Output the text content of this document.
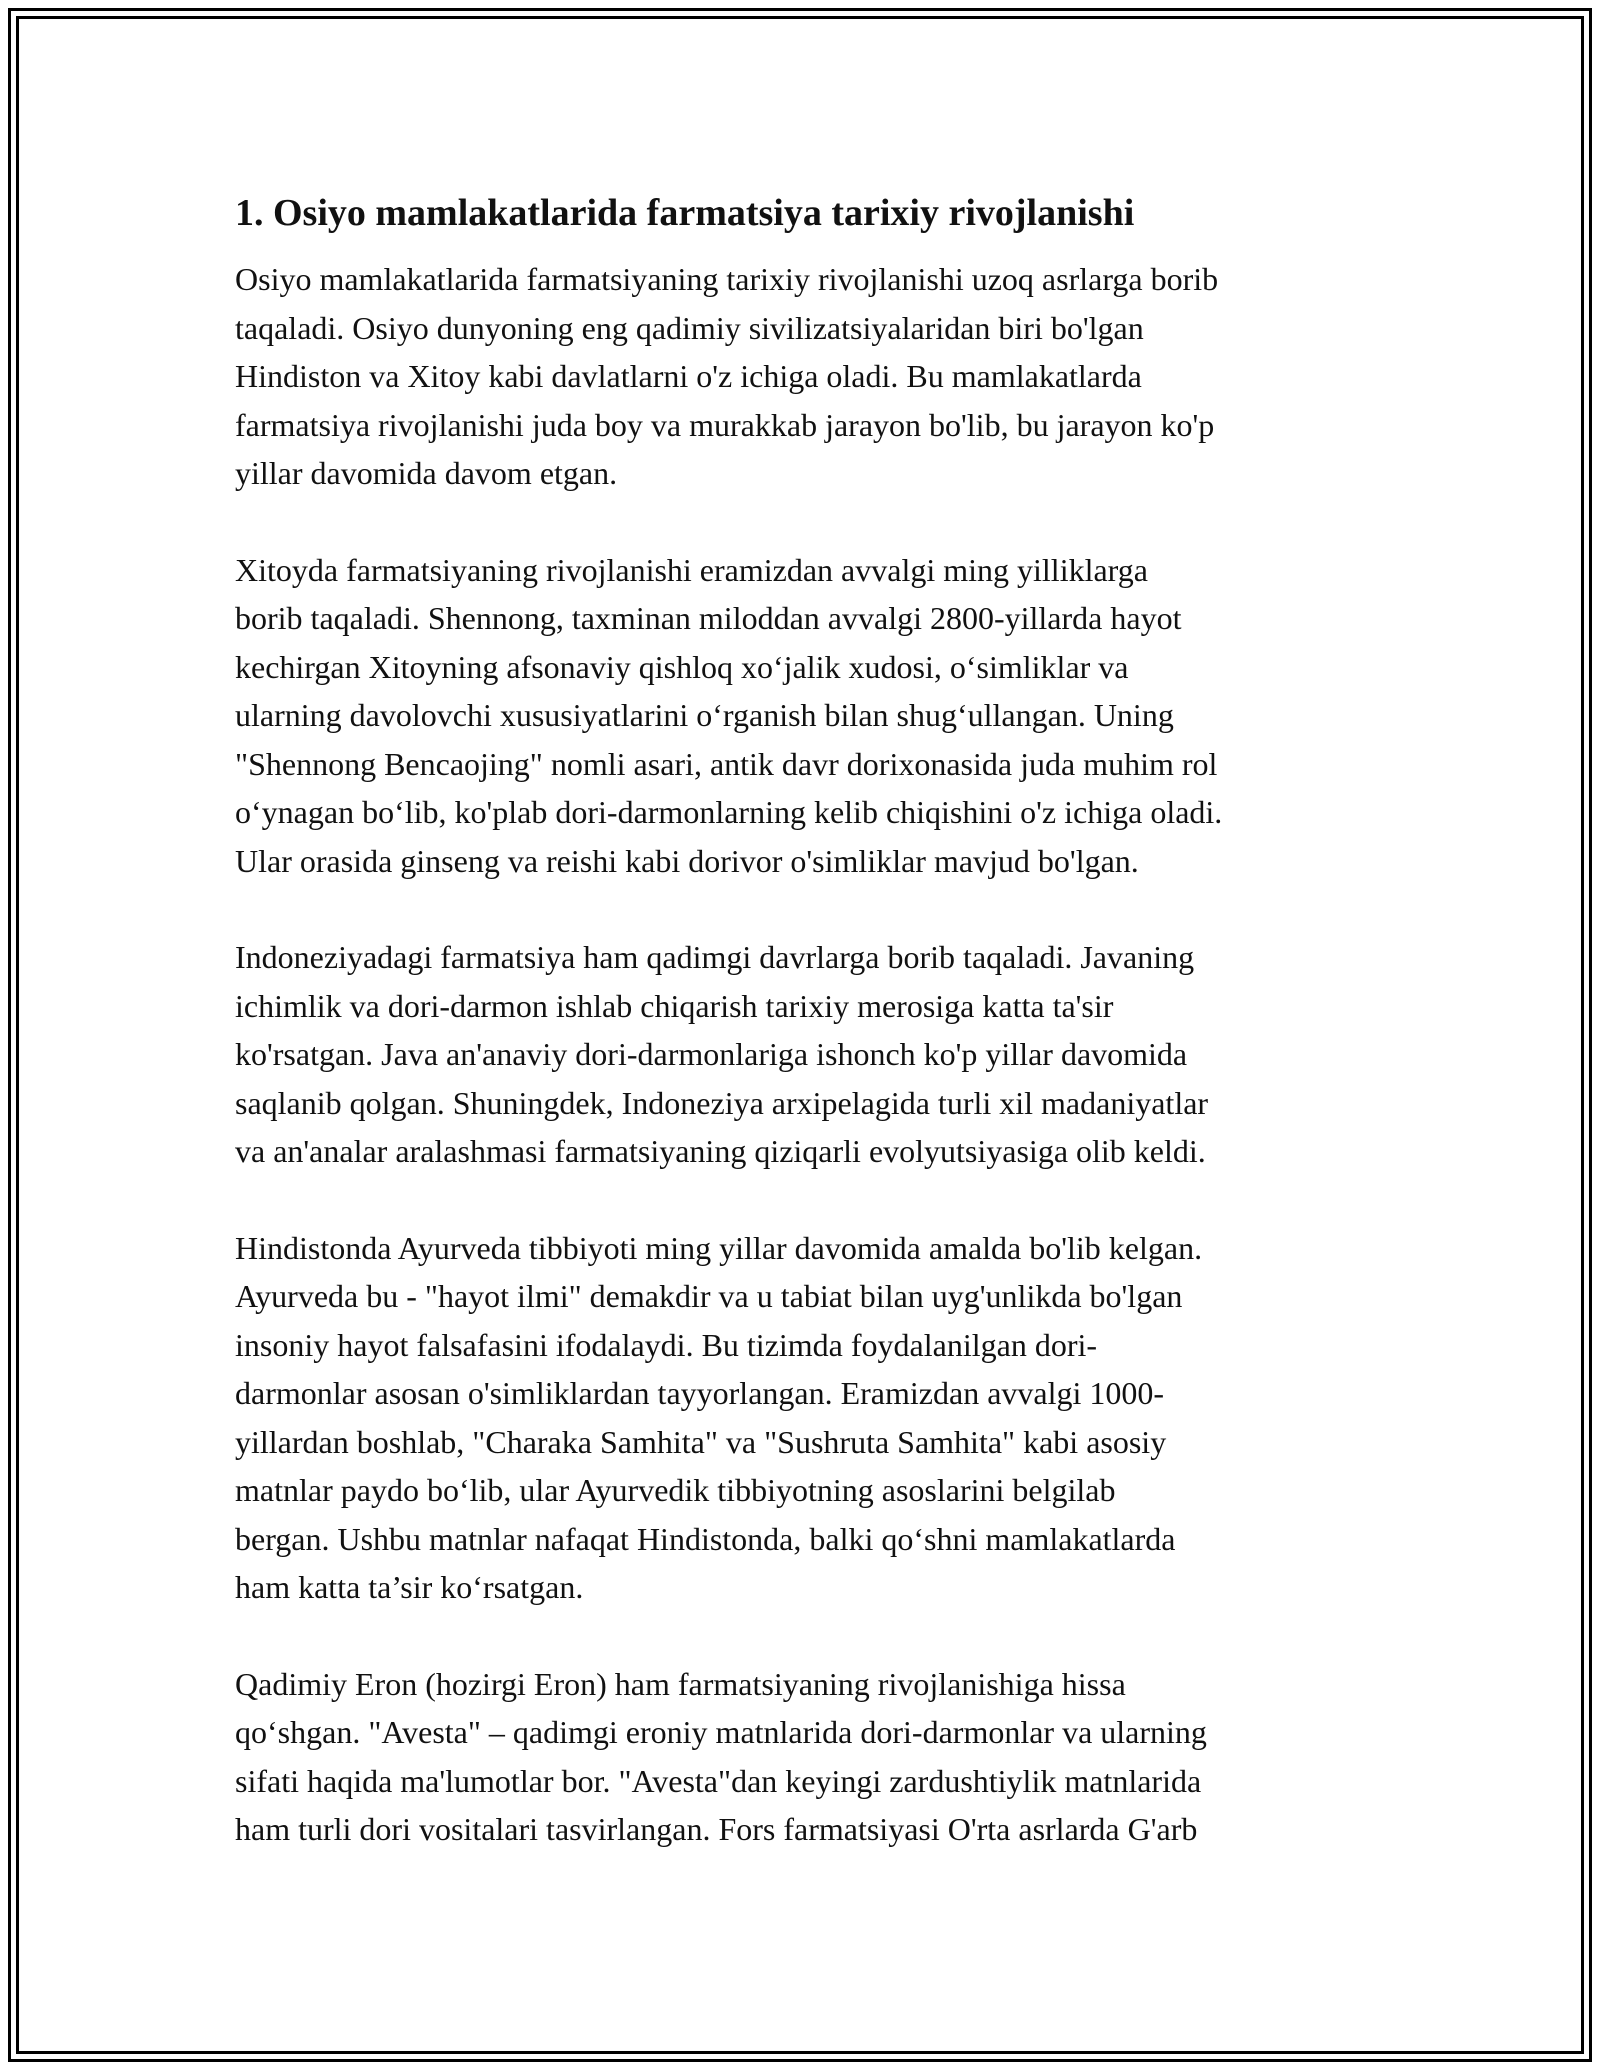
1. Osiyo mamlakatlarida farmatsiya tarixiy rivojlanishi
Osiyo mamlakatlarida farmatsiyaning tarixiy rivojlanishi uzoq asrlarga borib
taqaladi. Osiyo dunyoning eng qadimiy sivilizatsiyalaridan biri bo'lgan
Hindiston va Xitoy kabi davlatlarni o'z ichiga oladi. Bu mamlakatlarda
farmatsiya rivojlanishi juda boy va murakkab jarayon bo'lib, bu jarayon ko'p
yillar davomida davom etgan.
Xitoyda farmatsiyaning rivojlanishi eramizdan avvalgi ming yilliklarga
borib taqaladi. Shennong, taxminan miloddan avvalgi 2800-yillarda hayot
kechirgan Xitoyning afsonaviy qishloq xo‘jalik xudosi, o‘simliklar va
ularning davolovchi xususiyatlarini o‘rganish bilan shug‘ullangan. Uning
"Shennong Bencaojing" nomli asari, antik davr dorixonasida juda muhim rol
o‘ynagan bo‘lib, ko'plab dori-darmonlarning kelib chiqishini o'z ichiga oladi.
Ular orasida ginseng va reishi kabi dorivor o'simliklar mavjud bo'lgan.
Indoneziyadagi farmatsiya ham qadimgi davrlarga borib taqaladi. Javaning
ichimlik va dori-darmon ishlab chiqarish tarixiy merosiga katta ta'sir
ko'rsatgan. Java an'anaviy dori-darmonlariga ishonch ko'p yillar davomida
saqlanib qolgan. Shuningdek, Indoneziya arxipelagida turli xil madaniyatlar
va an'analar aralashmasi farmatsiyaning qiziqarli evolyutsiyasiga olib keldi.
Hindistonda Ayurveda tibbiyoti ming yillar davomida amalda bo'lib kelgan.
Ayurveda bu - "hayot ilmi" demakdir va u tabiat bilan uyg'unlikda bo'lgan
insoniy hayot falsafasini ifodalaydi. Bu tizimda foydalanilgan dori-
darmonlar asosan o'simliklardan tayyorlangan. Eramizdan avvalgi 1000-
yillardan boshlab, "Charaka Samhita" va "Sushruta Samhita" kabi asosiy
matnlar paydo bo‘lib, ular Ayurvedik tibbiyotning asoslarini belgilab
bergan. Ushbu matnlar nafaqat Hindistonda, balki qo‘shni mamlakatlarda
ham katta ta’sir ko‘rsatgan.
Qadimiy Eron (hozirgi Eron) ham farmatsiyaning rivojlanishiga hissa
qo‘shgan. "Avesta" – qadimgi eroniy matnlarida dori-darmonlar va ularning
sifati haqida ma'lumotlar bor. "Avesta"dan keyingi zardushtiylik matnlarida
ham turli dori vositalari tasvirlangan. Fors farmatsiyasi O'rta asrlarda G'arb
